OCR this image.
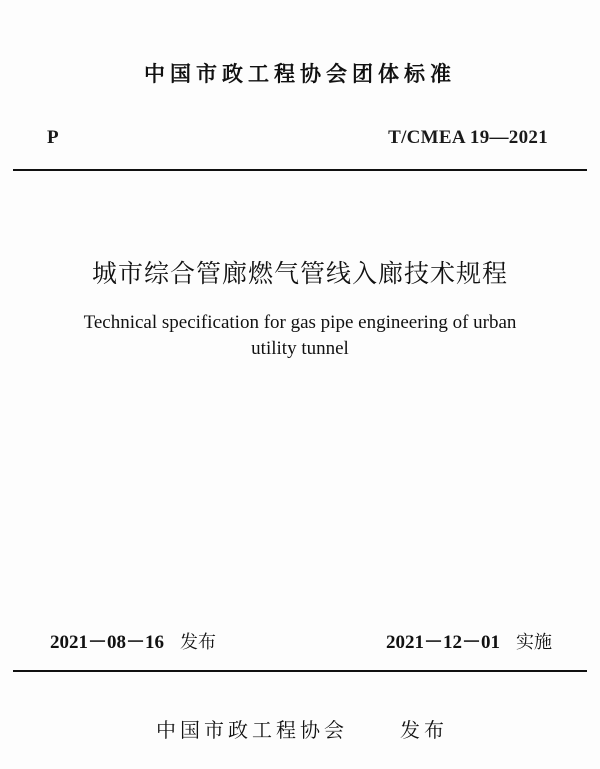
中国市政工程协会团体标准
P	T/CMEA 19—2021
城市综合管廊燃气管线入廊技术规程
Technical specification for gas pipe engineering of urban
utility tunnel
2021－08－16 发布	2021－12－01 实施
中国市政工程协会	发布
